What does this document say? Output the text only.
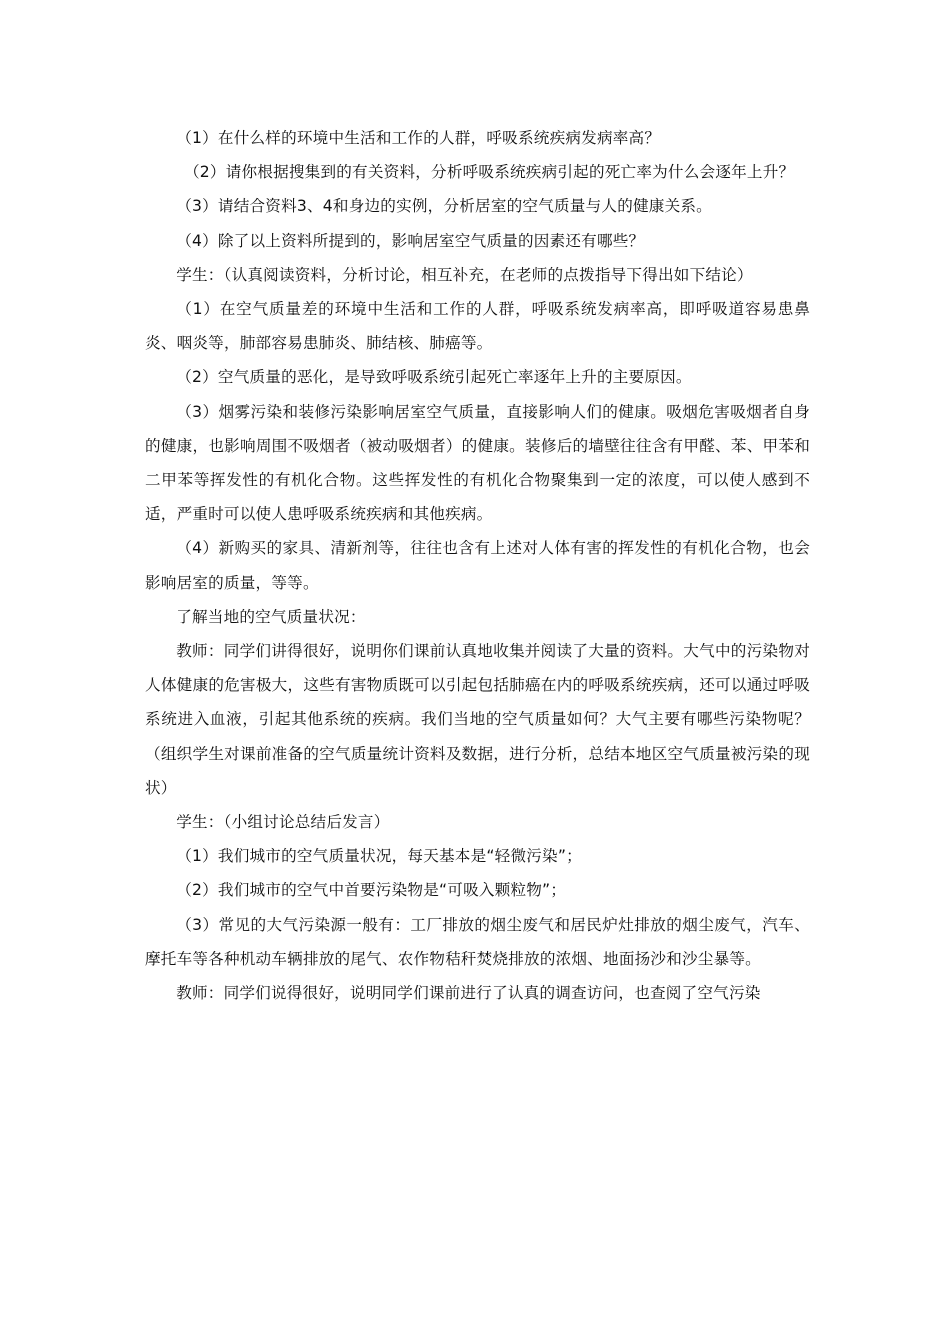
（1）在什么样的环境中生活和工作的人群，呼吸系统疾病发病率高？

（2）请你根据搜集到的有关资料，分析呼吸系统疾病引起的死亡率为什么会逐年上升？

（3）请结合资料3、4和身边的实例，分析居室的空气质量与人的健康关系。

（4）除了以上资料所提到的，影响居室空气质量的因素还有哪些？

学生：（认真阅读资料，分析讨论，相互补充，在老师的点拨指导下得出如下结论）

（1）在空气质量差的环境中生活和工作的人群，呼吸系统发病率高，即呼吸道容易患鼻炎、咽炎等，肺部容易患肺炎、肺结核、肺癌等。

（2）空气质量的恶化，是导致呼吸系统引起死亡率逐年上升的主要原因。

（3）烟雾污染和装修污染影响居室空气质量，直接影响人们的健康。吸烟危害吸烟者自身的健康，也影响周围不吸烟者（被动吸烟者）的健康。装修后的墙壁往往含有甲醛、苯、甲苯和二甲苯等挥发性的有机化合物。这些挥发性的有机化合物聚集到一定的浓度，可以使人感到不适，严重时可以使人患呼吸系统疾病和其他疾病。

（4）新购买的家具、清新剂等，往往也含有上述对人体有害的挥发性的有机化合物，也会影响居室的质量，等等。

了解当地的空气质量状况：

教师：同学们讲得很好，说明你们课前认真地收集并阅读了大量的资料。大气中的污染物对人体健康的危害极大，这些有害物质既可以引起包括肺癌在内的呼吸系统疾病，还可以通过呼吸系统进入血液，引起其他系统的疾病。我们当地的空气质量如何？大气主要有哪些污染物呢？（组织学生对课前准备的空气质量统计资料及数据，进行分析，总结本地区空气质量被污染的现状）

学生：（小组讨论总结后发言）

（1）我们城市的空气质量状况，每天基本是“轻微污染”；

（2）我们城市的空气中首要污染物是“可吸入颗粒物”；

（3）常见的大气污染源一般有：工厂排放的烟尘废气和居民炉灶排放的烟尘废气，汽车、摩托车等各种机动车辆排放的尾气、农作物秸秆焚烧排放的浓烟、地面扬沙和沙尘暴等。

教师：同学们说得很好，说明同学们课前进行了认真的调查访问，也查阅了空气污染
